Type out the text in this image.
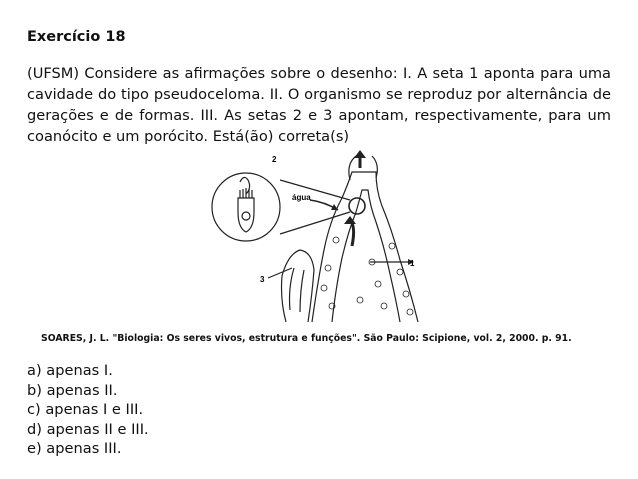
Exercício 18

(UFSM) Considere as afirmações sobre o desenho: I. A seta 1 aponta para uma cavidade do tipo pseudoceloma. II. O organismo se reproduz por alternância de gerações e de formas. III. As setas 2 e 3 apontam, respectivamente, para um coanócito e um porócito. Está(ão) correta(s)

2
água
1
3
SOARES, J. L. "Biologia: Os seres vivos, estrutura e funções". São Paulo: Scipione, vol. 2, 2000. p. 91.
a) apenas I.
b) apenas II.
c) apenas I e III.
d) apenas II e III.
e) apenas III.
